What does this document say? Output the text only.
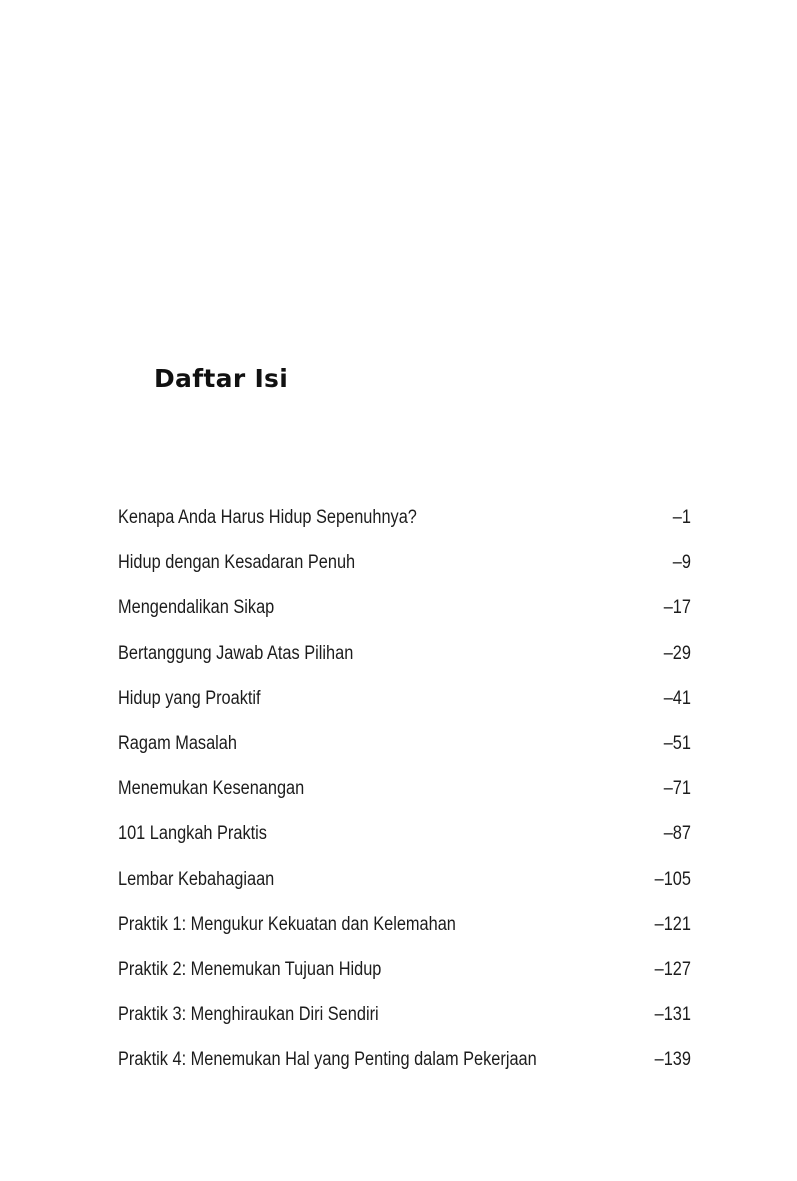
Daftar Isi
Kenapa Anda Harus Hidup Sepenuhnya?	–1
Hidup dengan Kesadaran Penuh	–9
Mengendalikan Sikap	–17
Bertanggung Jawab Atas Pilihan	–29
Hidup yang Proaktif	–41
Ragam Masalah	–51
Menemukan Kesenangan	–71
101 Langkah Praktis	–87
Lembar Kebahagiaan	–105
Praktik 1: Mengukur Kekuatan dan Kelemahan	–121
Praktik 2: Menemukan Tujuan Hidup	–127
Praktik 3: Menghiraukan Diri Sendiri	–131
Praktik 4: Menemukan Hal yang Penting dalam Pekerjaan	–139
